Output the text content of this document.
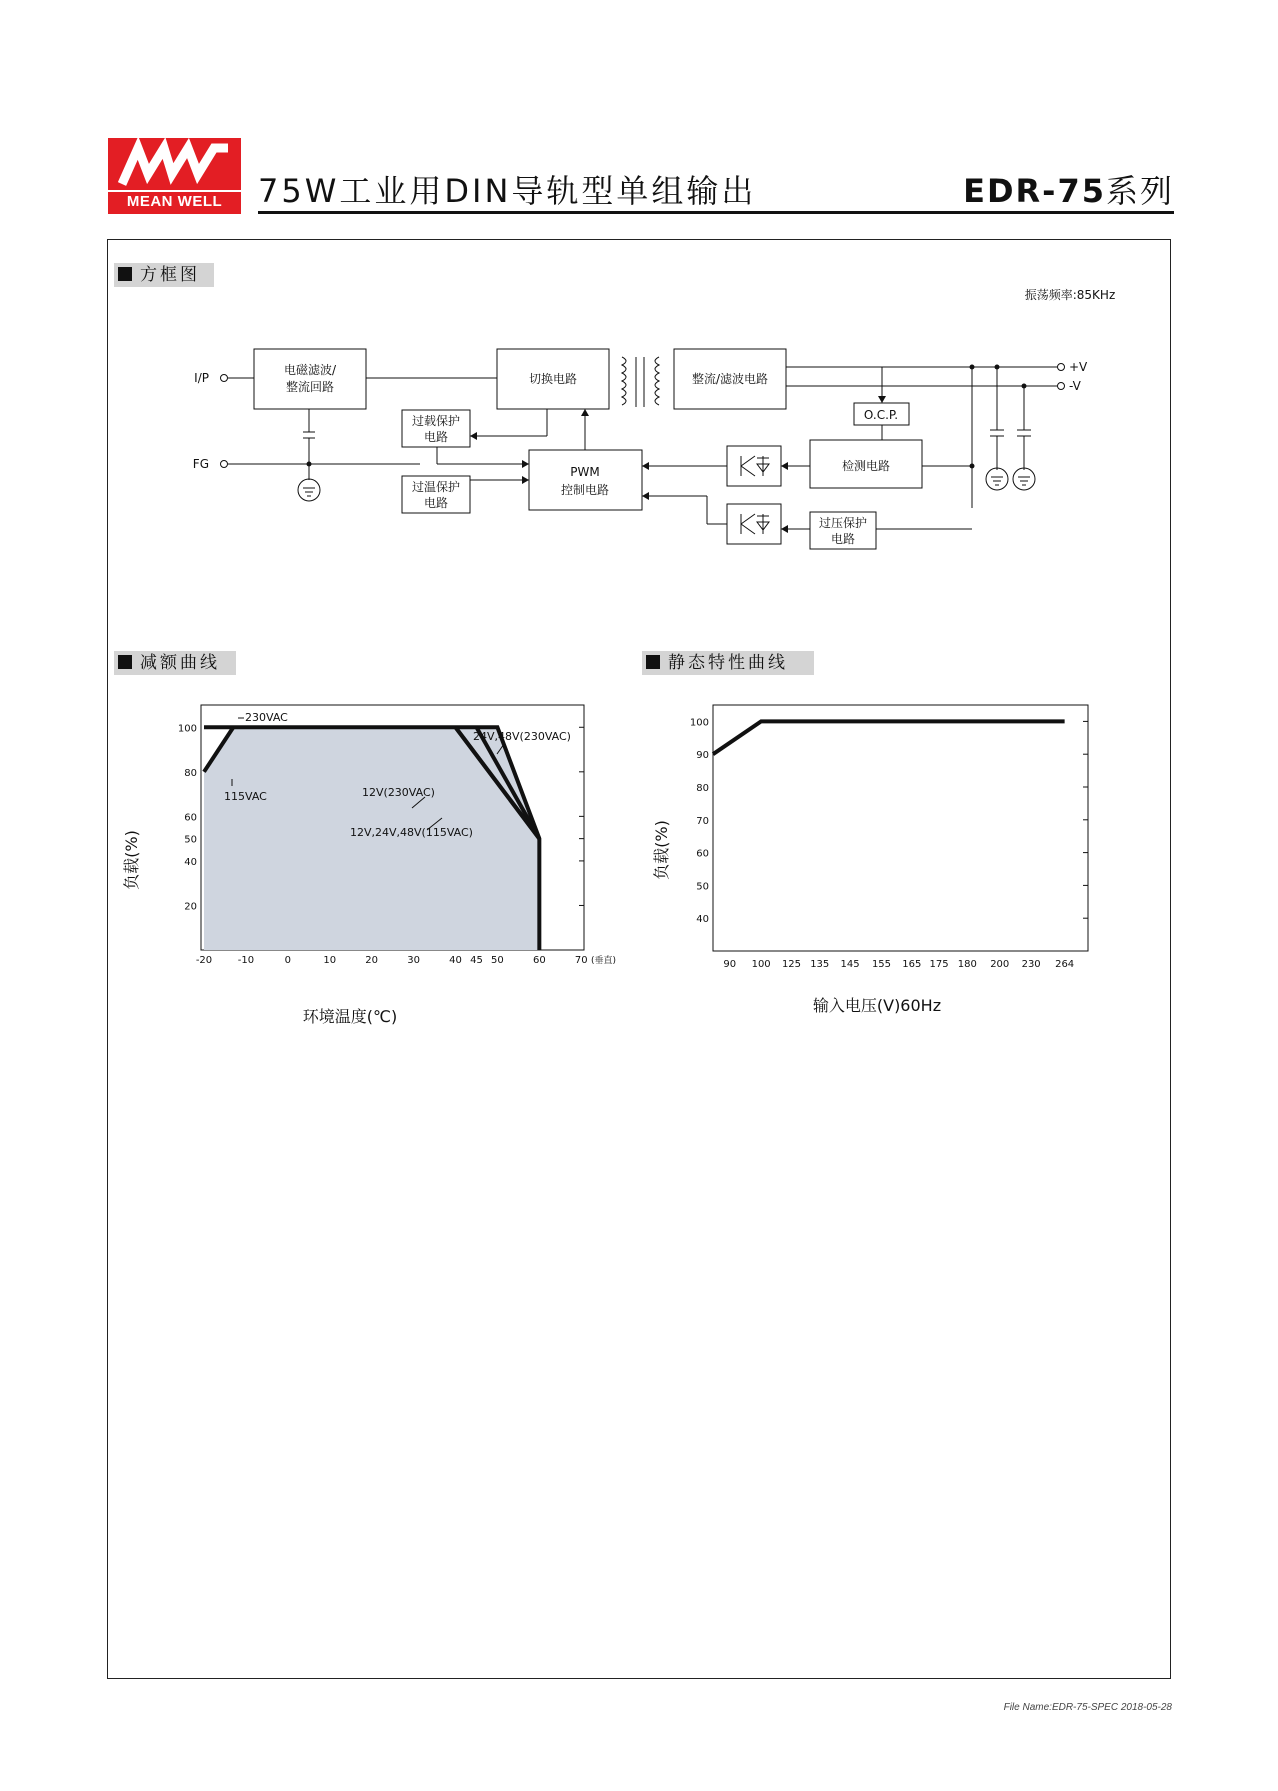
MEAN WELL	75W工业用DIN导轨型单组输出	EDR-75系列
方框图
振荡频率:85KHz
I/P
FG
电磁滤波/
整流回路
切换电路	整流/滤波电路
过载保护
电路
过温保护
电路
PWM
控制电路
O.C.P.
检测电路
过压保护
电路
+V
-V
减额曲线	静态特性曲线
-20	-10	0	10	20	30	40 45 50	60	70
100
80
60
50
40
20
230VAC
24V,48V(230VAC)
115VAC	12V(230VAC)
12V,24V,48V(115VAC)
(垂直)
环境温度(℃)
负载(%)
90 100 125 135 145 155 165 175 180 200 230 264
100
90
80
70
60
50
40
输入电压(V)60Hz
负载(%)
File Name:EDR-75-SPEC 2018-05-28
